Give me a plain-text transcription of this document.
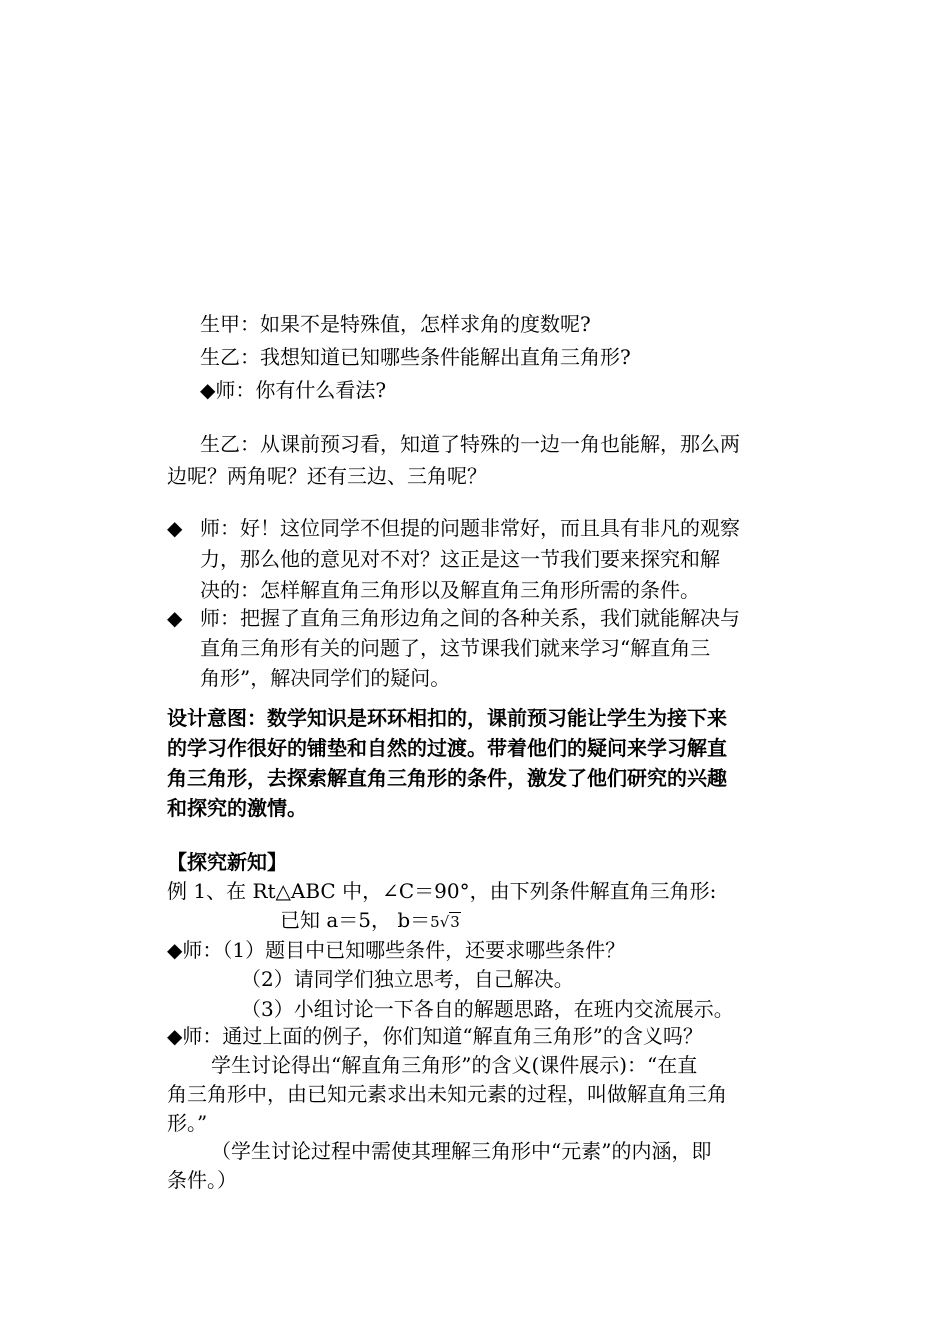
生甲：如果不是特殊值，怎样求角的度数呢?
生乙：我想知道已知哪些条件能解出直角三角形?
◆师：你有什么看法?
生乙：从课前预习看，知道了特殊的一边一角也能解，那么两
边呢？两角呢？还有三边、三角呢？
◆ 师：好！这位同学不但提的问题非常好，而且具有非凡的观察
力，那么他的意见对不对？这正是这一节我们要来探究和解
决的：怎样解直角三角形以及解直角三角形所需的条件。
◆ 师：把握了直角三角形边角之间的各种关系，我们就能解决与
直角三角形有关的问题了，这节课我们就来学习“解直角三
角形”，解决同学们的疑问。
设计意图：数学知识是环环相扣的，课前预习能让学生为接下来
的学习作很好的铺垫和自然的过渡。带着他们的疑问来学习解直
角三角形，去探索解直角三角形的条件，激发了他们研究的兴趣
和探究的激情。
【探究新知】
例 1、在 Rt△ABC 中，∠C＝90°，由下列条件解直角三角形:
已知 a＝5， b＝5√3
◆师：（1）题目中已知哪些条件，还要求哪些条件？
（2）请同学们独立思考，自己解决。
（3）小组讨论一下各自的解题思路，在班内交流展示。
◆师：通过上面的例子，你们知道“解直角三角形”的含义吗？
学生讨论得出“解直角三角形”的含义(课件展示)：“在直
角三角形中，由已知元素求出未知元素的过程，叫做解直角三角
形。”
（学生讨论过程中需使其理解三角形中“元素”的内涵，即
条件。）
